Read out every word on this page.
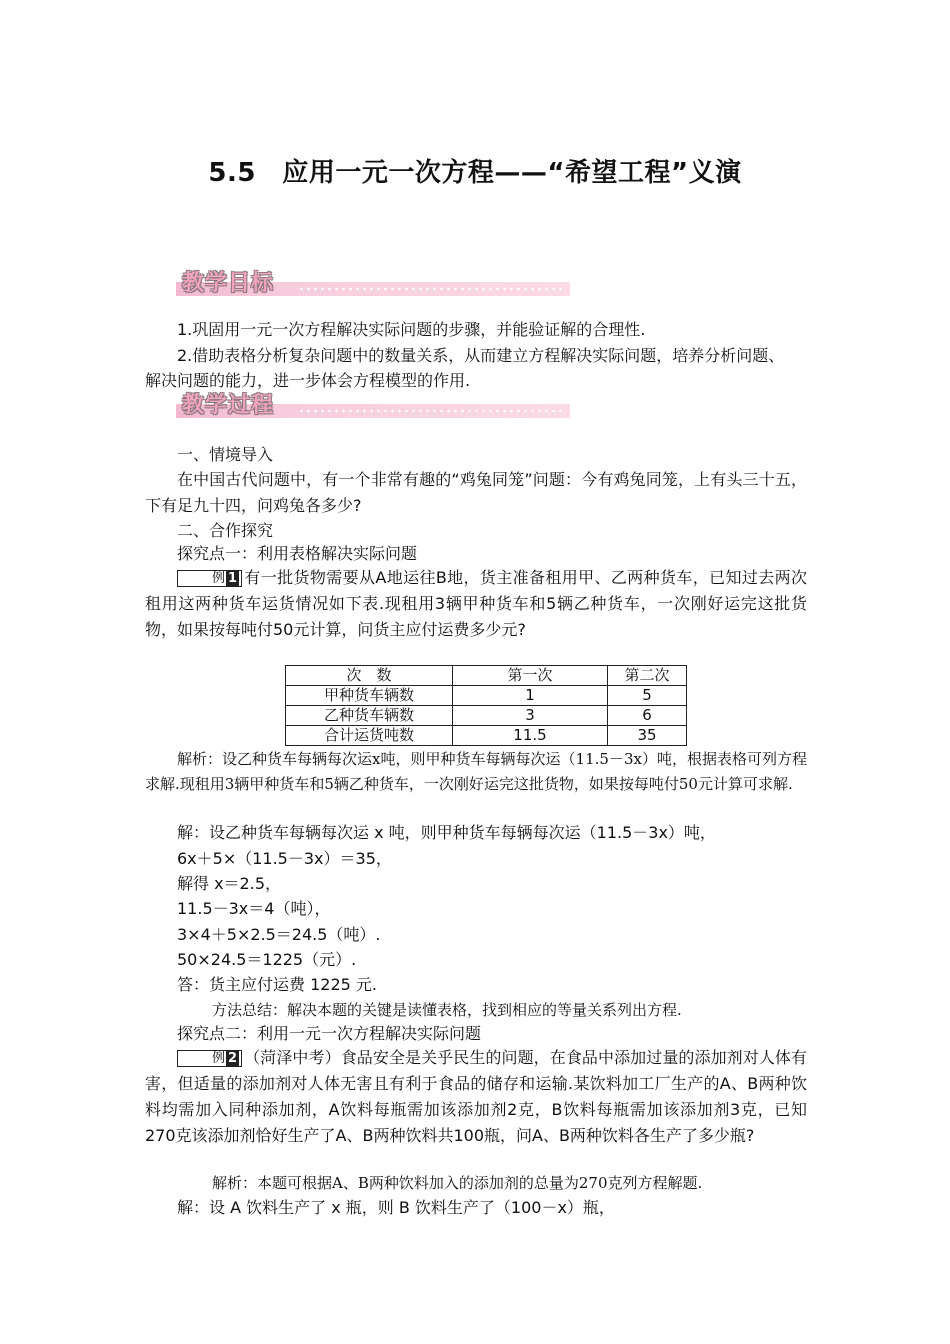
5.5　应用一元一次方程——“希望工程”义演
教学目标
1.巩固用一元一次方程解决实际问题的步骤，并能验证解的合理性.
2.借助表格分析复杂问题中的数量关系，从而建立方程解决实际问题，培养分析问题、
解决问题的能力，进一步体会方程模型的作用.
教学过程
一、情境导入
在中国古代问题中，有一个非常有趣的“鸡兔同笼”问题：今有鸡兔同笼，上有头三十五，下有足九十四，问鸡兔各多少?
二、合作探究
探究点一：利用表格解决实际问题
例 1 有一批货物需要从A地运往B地，货主准备租用甲、乙两种货车，已知过去两次租用这两种货车运货情况如下表.现租用3辆甲种货车和5辆乙种货车，一次刚好运完这批货物，如果按每吨付50元计算，问货主应付运费多少元?
次　数	第一次	第二次
甲种货车辆数	1	5
乙种货车辆数	3	6
合计运货吨数	11.5	35
解析：设乙种货车每辆每次运x吨，则甲种货车每辆每次运（11.5－3x）吨，根据表格可列方程求解.现租用3辆甲种货车和5辆乙种货车，一次刚好运完这批货物，如果按每吨付50元计算可求解.
解：设乙种货车每辆每次运 x 吨，则甲种货车每辆每次运（11.5－3x）吨，
6x＋5×（11.5－3x）＝35，
解得 x＝2.5，
11.5－3x＝4（吨），
3×4＋5×2.5＝24.5（吨）.
50×24.5＝1225（元）.
答：货主应付运费 1225 元.
方法总结：解决本题的关键是读懂表格，找到相应的等量关系列出方程.
探究点二：利用一元一次方程解决实际问题
例 2 （菏泽中考）食品安全是关乎民生的问题，在食品中添加过量的添加剂对人体有害，但适量的添加剂对人体无害且有利于食品的储存和运输.某饮料加工厂生产的A、B两种饮料均需加入同种添加剂，A饮料每瓶需加该添加剂2克，B饮料每瓶需加该添加剂3克，已知270克该添加剂恰好生产了A、B两种饮料共100瓶，问A、B两种饮料各生产了多少瓶?
解析：本题可根据A、B两种饮料加入的添加剂的总量为270克列方程解题.
解：设 A 饮料生产了 x 瓶，则 B 饮料生产了（100－x）瓶，
